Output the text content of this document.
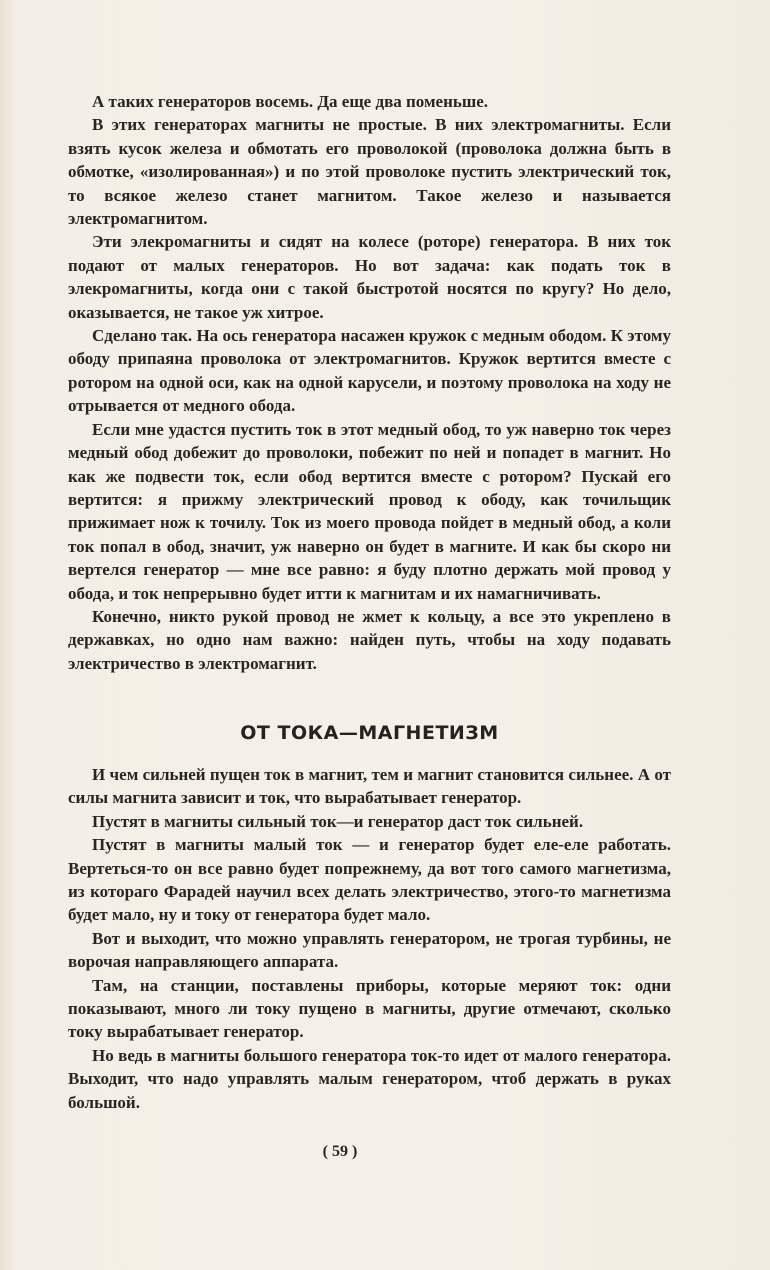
А таких генераторов восемь. Да еще два поменьше.

В этих генераторах магниты не простые. В них электромагниты. Если взять кусок железа и обмотать его проволокой (проволока должна быть в обмотке, «изолированная») и по этой проволоке пустить электрический ток, то всякое железо станет магнитом. Такое железо и называется электромагнитом.

Эти элекромагниты и сидят на колесе (роторе) генератора. В них ток подают от малых генераторов. Но вот задача: как подать ток в элекромагниты, когда они с такой быстротой носятся по кругу? Но дело, оказывается, не такое уж хитрое.

Сделано так. На ось генератора насажен кружок с медным ободом. К этому ободу припаяна проволока от электромагнитов. Кружок вертится вместе с ротором на одной оси, как на одной карусели, и поэтому проволока на ходу не отрывается от медного обода.

Если мне удастся пустить ток в этот медный обод, то уж наверно ток через медный обод добежит до проволоки, побежит по ней и попадет в магнит. Но как же подвести ток, если обод вертится вместе с ротором? Пускай его вертится: я прижму электрический провод к ободу, как точильщик прижимает нож к точилу. Ток из моего провода пойдет в медный обод, а коли ток попал в обод, значит, уж наверно он будет в магните. И как бы скоро ни вертелся генератор — мне все равно: я буду плотно держать мой провод у обода, и ток непрерывно будет итти к магнитам и их намагничивать.

Конечно, никто рукой провод не жмет к кольцу, а все это укреплено в державках, но одно нам важно: найден путь, чтобы на ходу подавать электричество в электромагнит.

ОТ ТОКА—МАГНЕТИЗМ

И чем сильней пущен ток в магнит, тем и магнит становится сильнее. А от силы магнита зависит и ток, что вырабатывает генератор.

Пустят в магниты сильный ток—и генератор даст ток сильней.

Пустят в магниты малый ток — и генератор будет еле-еле работать. Вертеться-то он все равно будет попрежнему, да вот того самого магнетизма, из котораго Фарадей научил всех делать электричество, этого-то магнетизма будет мало, ну и току от генератора будет мало.

Вот и выходит, что можно управлять генератором, не трогая турбины, не ворочая направляющего аппарата.

Там, на станции, поставлены приборы, которые меряют ток: одни показывают, много ли току пущено в магниты, другие отмечают, сколько току вырабатывает генератор.

Но ведь в магниты большого генератора ток-то идет от малого генератора. Выходит, что надо управлять малым генератором, чтоб держать в руках большой.

( 59 )
